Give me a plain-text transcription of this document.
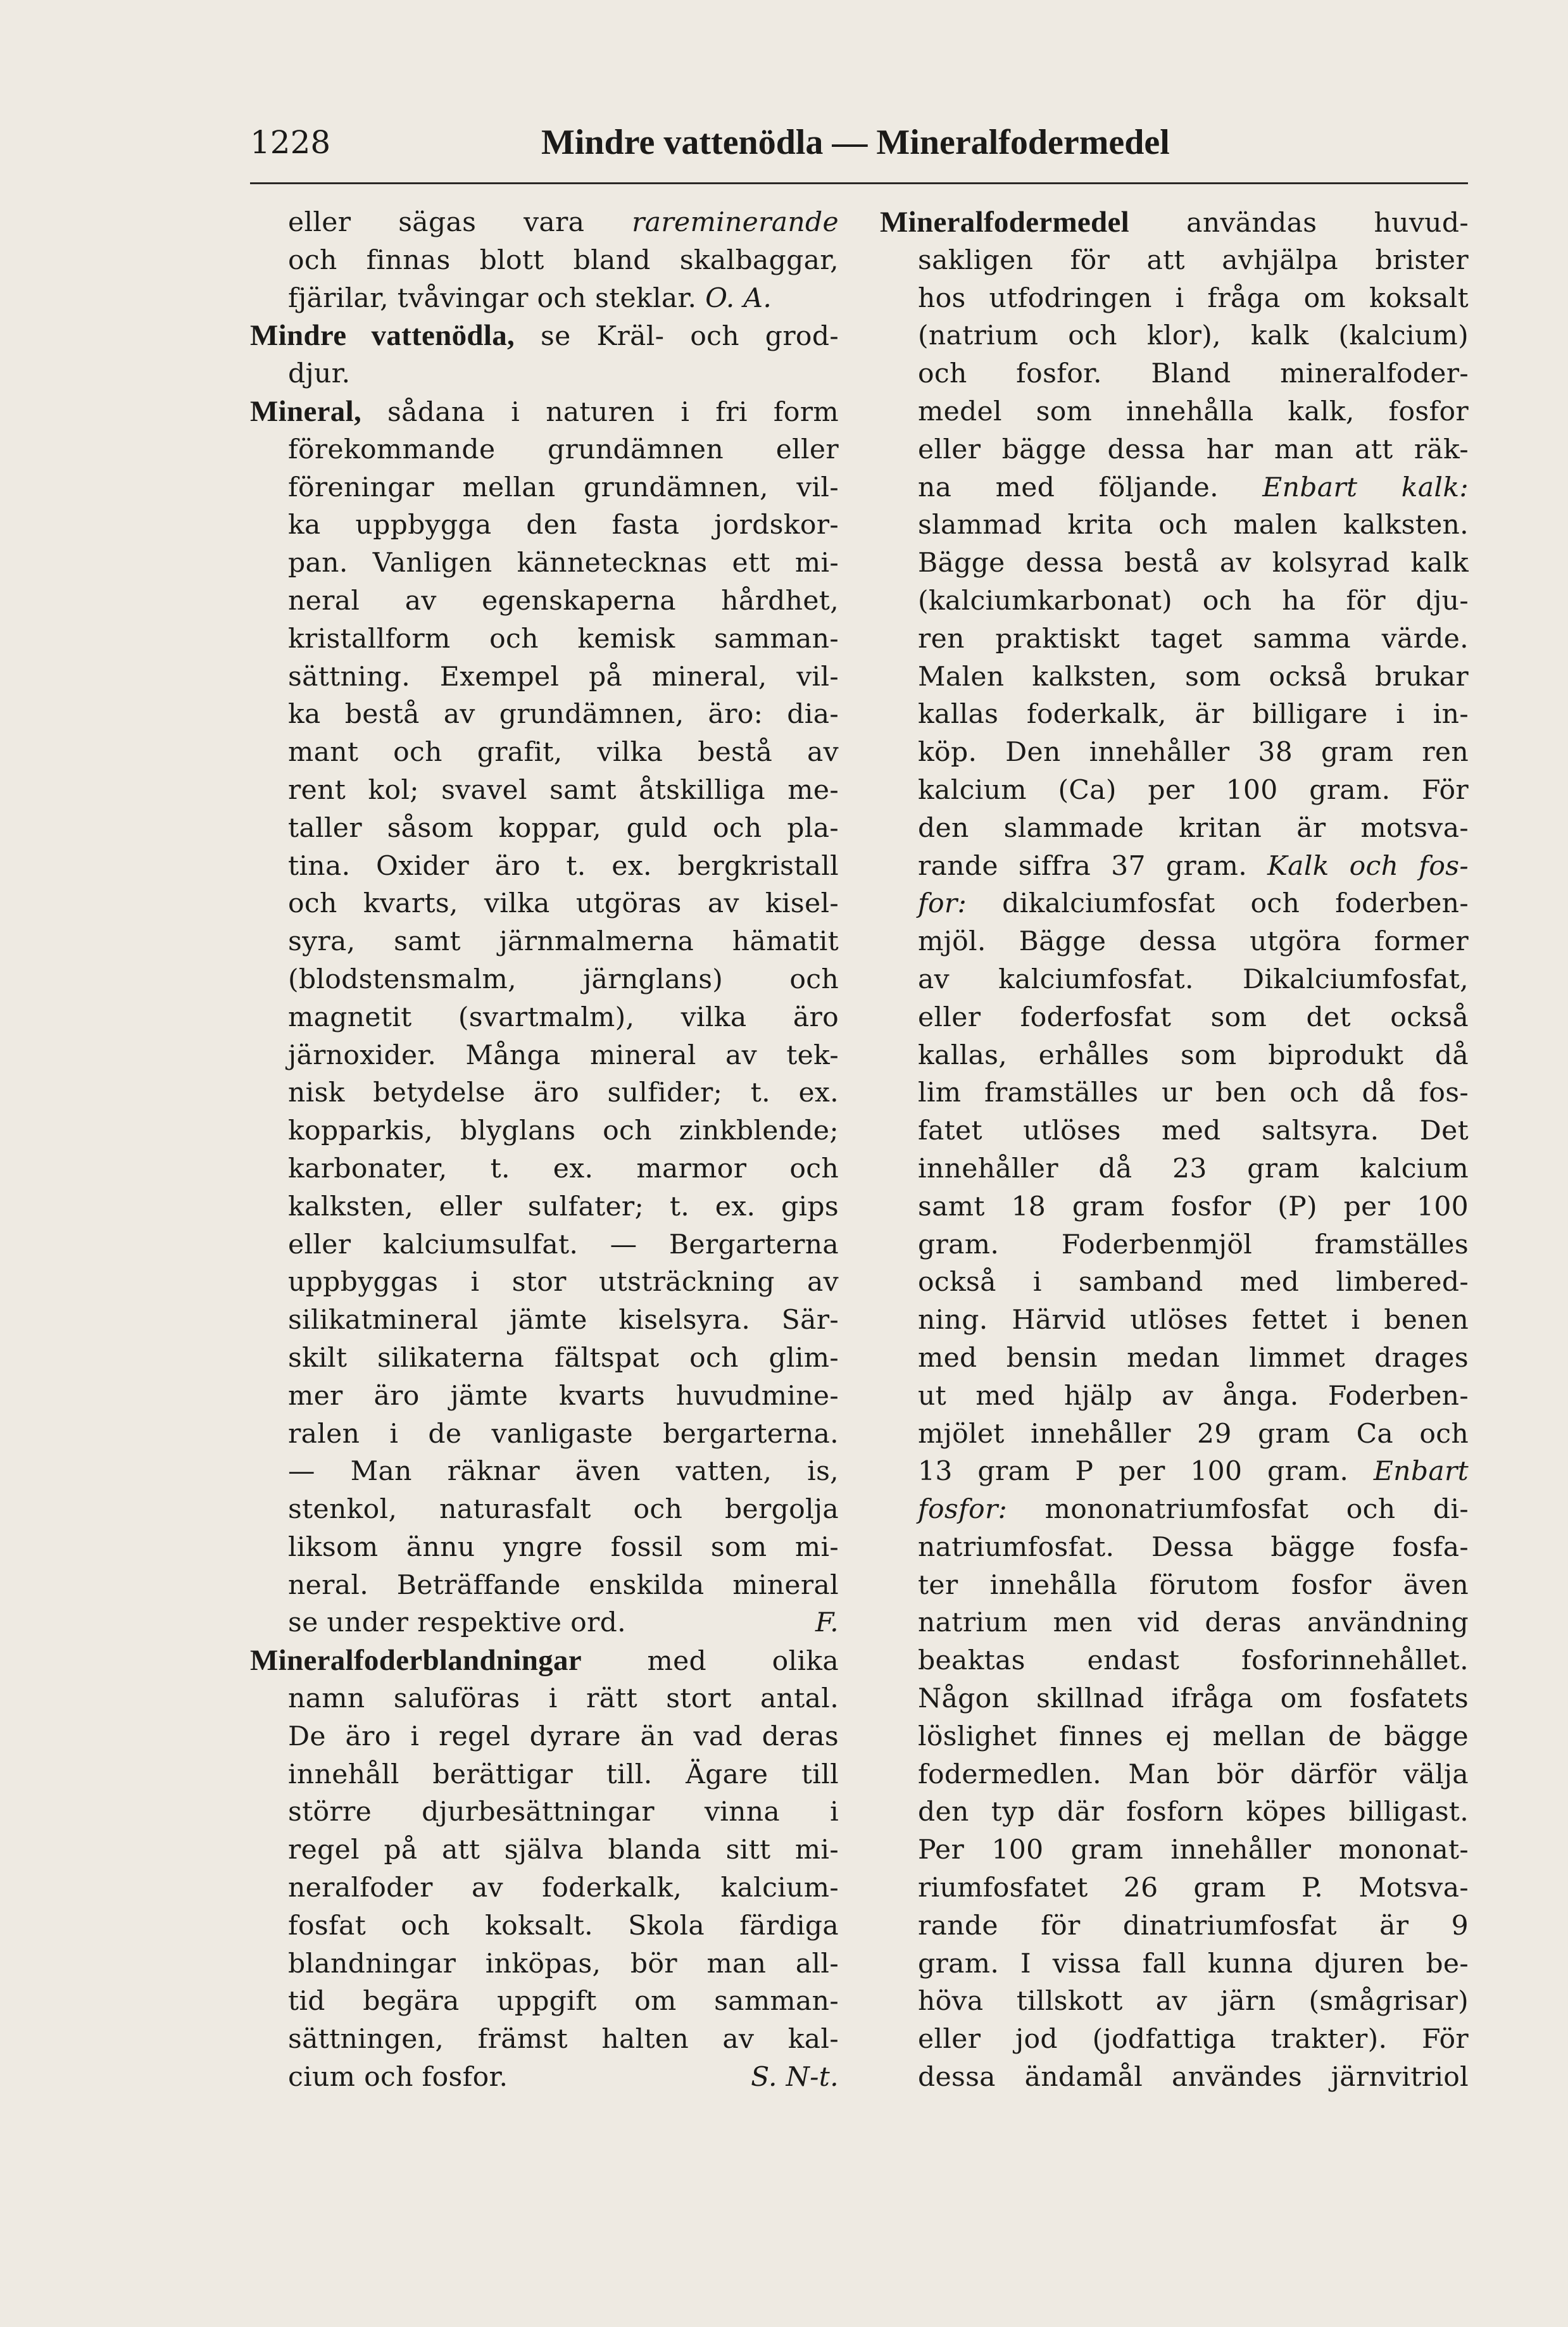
1228	Mindre vattenödla — Mineralfodermedel
eller sägas vara rareminerande
och finnas blott bland skalbaggar,
fjärilar, tvåvingar och steklar. O. A.
Mindre vattenödla, se Kräl- och grod-
djur.
Mineral, sådana i naturen i fri form
förekommande grundämnen eller
föreningar mellan grundämnen, vil-
ka uppbygga den fasta jordskor-
pan. Vanligen kännetecknas ett mi-
neral av egenskaperna hårdhet,
kristallform och kemisk samman-
sättning. Exempel på mineral, vil-
ka bestå av grundämnen, äro: dia-
mant och grafit, vilka bestå av
rent kol; svavel samt åtskilliga me-
taller såsom koppar, guld och pla-
tina. Oxider äro t. ex. bergkristall
och kvarts, vilka utgöras av kisel-
syra, samt järnmalmerna hämatit
(blodstensmalm, järnglans) och
magnetit (svartmalm), vilka äro
järnoxider. Många mineral av tek-
nisk betydelse äro sulfider; t. ex.
kopparkis, blyglans och zinkblende;
karbonater, t. ex. marmor och
kalksten, eller sulfater; t. ex. gips
eller kalciumsulfat. — Bergarterna
uppbyggas i stor utsträckning av
silikatmineral jämte kiselsyra. Sär-
skilt silikaterna fältspat och glim-
mer äro jämte kvarts huvudmine-
ralen i de vanligaste bergarterna.
— Man räknar även vatten, is,
stenkol, naturasfalt och bergolja
liksom ännu yngre fossil som mi-
neral. Beträffande enskilda mineral
se under respektive ord.	F.
Mineralfoderblandningar med olika
namn saluföras i rätt stort antal.
De äro i regel dyrare än vad deras
innehåll berättigar till. Ägare till
större djurbesättningar vinna i
regel på att själva blanda sitt mi-
neralfoder av foderkalk, kalcium-
fosfat och koksalt. Skola färdiga
blandningar inköpas, bör man all-
tid begära uppgift om samman-
sättningen, främst halten av kal-
cium och fosfor.	S. N-t.
Mineralfodermedel användas huvud-
sakligen för att avhjälpa brister
hos utfodringen i fråga om koksalt
(natrium och klor), kalk (kalcium)
och fosfor. Bland mineralfoder-
medel som innehålla kalk, fosfor
eller bägge dessa har man att räk-
na med följande. Enbart kalk:
slammad krita och malen kalksten.
Bägge dessa bestå av kolsyrad kalk
(kalciumkarbonat) och ha för dju-
ren praktiskt taget samma värde.
Malen kalksten, som också brukar
kallas foderkalk, är billigare i in-
köp. Den innehåller 38 gram ren
kalcium (Ca) per 100 gram. För
den slammade kritan är motsva-
rande siffra 37 gram. Kalk och fos-
for: dikalciumfosfat och foderben-
mjöl. Bägge dessa utgöra former
av kalciumfosfat. Dikalciumfosfat,
eller foderfosfat som det också
kallas, erhålles som biprodukt då
lim framställes ur ben och då fos-
fatet utlöses med saltsyra. Det
innehåller då 23 gram kalcium
samt 18 gram fosfor (P) per 100
gram. Foderbenmjöl framställes
också i samband med limbered-
ning. Härvid utlöses fettet i benen
med bensin medan limmet drages
ut med hjälp av ånga. Foderben-
mjölet innehåller 29 gram Ca och
13 gram P per 100 gram. Enbart
fosfor: mononatriumfosfat och di-
natriumfosfat. Dessa bägge fosfa-
ter innehålla förutom fosfor även
natrium men vid deras användning
beaktas endast fosforinnehållet.
Någon skillnad ifråga om fosfatets
löslighet finnes ej mellan de bägge
fodermedlen. Man bör därför välja
den typ där fosforn köpes billigast.
Per 100 gram innehåller mononat-
riumfosfatet 26 gram P. Motsva-
rande för dinatriumfosfat är 9
gram. I vissa fall kunna djuren be-
höva tillskott av järn (smågrisar)
eller jod (jodfattiga trakter). För
dessa ändamål användes järnvitriol
